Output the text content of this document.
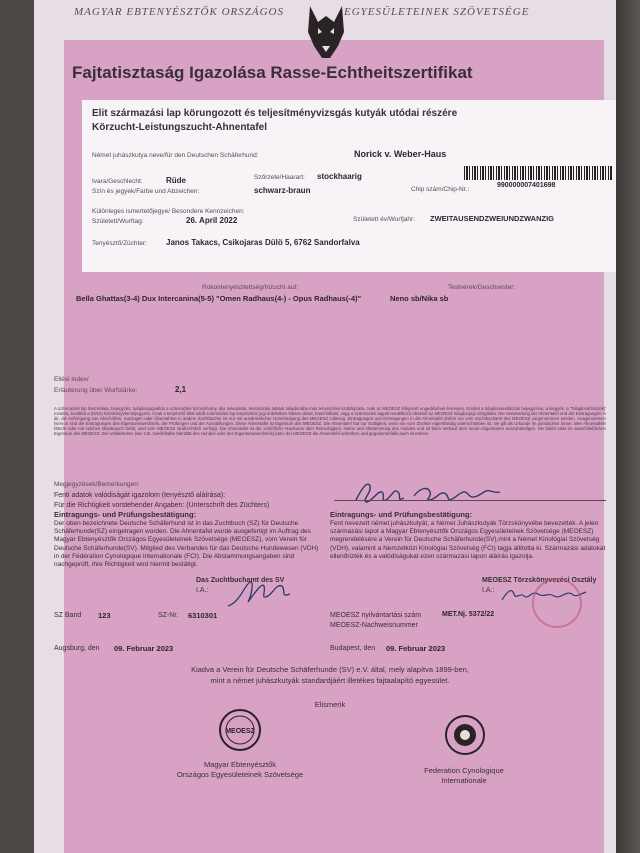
MAGYAR EBTENYÉSZTŐK ORSZÁGOS	EGYESÜLETEINEK SZÖVETSÉGE
Fajtatisztaság Igazolása Rasse-Echtheitszertifikat
Elit származási lap körungozott és teljesítményvizsgás kutyák utódai részére
Körzucht-Leistungszucht-Ahnentafel
Német juhászkutya neve/für den Deutschen Schäferhund:	Norick v. Weber-Haus
Ivara/Geschlecht:	Rüde	Szőrzete/Haarart: stockhaarig
Szín és jegyek/Farbe und Abzeichen:	schwarz-braun	Chip szám/Chip-Nr.:
990000007401698
Különleges ismertetőjegye/ Besondere Kennzeichen:
Született/Wurftag:	26. April 2022	Született év/Wurfjahr: ZWEITAUSENDZWEIUNDZWANZIG
Tenyésztő/Züchter: Janos Takacs, Csikojaras Dülö 5, 6762 Sandorfalva
Rokontenyésztettség/Inzucht auf:
Bella Ghattas(3-4) Dux Intercanina(5-5) "Omen Radhaus(4-) - Opus Radhaus(-4)"
Testvérek/Geschwister:
Neno sb/Nika sb
Ellési index/
Erläuterung über Wurfstärke:	2,1
A származási lap használata, bejegyzés, tulajdonjogváltás a származási bizonyítvány, díjs másolatok, leszárazási adatok tulajdonába más tenyésztési szabályzata, csak az MEOESZ kifejezett engedélyével érvényes. Eredeti a tulajdonosváltozás bejegyzése, a kiegyék, a 'Tulajdonátírás(ok)' rovatba, továbbá a (DNS) törzskönyvbe bejegyzés. Csak a tenyésztő által adott származási lap tenyésztési jogi érdekében hiteles okirat, használható, vagy a származási lappal rendelkező ebeknél az MEOESZ tulajdonjogi vizsgálata. Die Verwendung der Ahnentafel und der Eintragungen in dir, die Anfertigung von Abschriften, Auszügen oder Übernahme in andere Zuchtbücher ist nur mit ausdrücklicher Genehmigung des MEOESZ zulässig. Eintragungen und Eintragungen in die Ahnentafel dürfen nur vom Zuchtbuchamt des MEOESZ vorgenommen werden. Ausgenommen hiervon sind die Eintragungen des Eigentumswechsels, der Prüfungen und der Ausstellungen. Diese Ahnentafel ist Eigentum des MEOESZ. Die Ahnentafel hat nur Gültigkeit, wenn sie vom Züchter eigenhändig unterschrieben ist, sie gilt als Urkunde im juristischen Sinne. Wer Ahnentafeln fälscht oder mit solchen Missbrauch treibt, wird vom MEOESZ strafrechtlich verfolgt. Die Ahnentafel ist der schriftliche Nachweis über Reinerbigkeit, Name und Abstammung des Hundes und ist beim Verkauf dem neuen Eigentümer auszuhändigen. Sie bleibt stets im ausschließlichen Eigentum des MEOESZ. Bei Unklarheiten (wie z.B. zweifelhafte Identität des Hundes oder des Eigentumswechsels) kann der MEOESZ die Ahnentafel anfordern und gegebenenfalls auch einziehen.
Megjegyzések/Bemerkungen:
Fenti adatok valódiságát igazolom (tenyésztő aláírása):
Für die Richtigkeit vorstehender Angaben: (Unterschrift des Züchters)
Eintragungs- und Prüfungsbestätigung:
Der oben bezeichnete Deutsche Schäferhund ist in das Zuchtbuch (SZ) für Deutsche Schäferhunde(SZ) eingetragen worden. Die Ahnentafel wurde ausgefertigt im Auftrag des Magyar Ebtenyésztők Országos Egyesületeinek Szövetsége (MEOESZ), vom Verein für Deutsche Schäferhunde(SV). Mitglied des Verbandes für das Deutsche Hundewesen (VDH) in der Fédération Cynologique Internationale (FCI). Die Abstammungsangaben sind nachgeprüft, ihre Richtigkeit wird hiermit bestätigt.
Das Zuchtbuchamt des SV
I.A.:
SZ Band 123	SZ-Nr. 6310301
Augsburg, den 09. Februar 2023
Eintragungs- und Prüfungsbestätigung:
Fent nevezett német juhászkutyát, a Német Juhászkutyák Törzskönyvébe bevezették. A jelen származási lapot a Magyar Ebtenyésztők Országos Egyesületeinek Szövetsége (MEOESZ) megrendelésére a Verein für Deutsche Schäferhunde(SV),mint a Német Kinológiai Szövetség (VDH), valamint a Nemzetközi Kinológiai Szövetség (FCI) tagja állította ki. Származási adatokat ellenőrizték és a valódiságukat ezen származási lapon aláírás igazolja.
MEOESZ Törzskönyvezési Osztály
I.A.:
MEOESZ nyilvántartási szám	MET.Nj. 5372/22
MEOESZ-Nachweisnummer
Budapest, den 09. Februar 2023
Kiadva a Verein für Deutsche Schäferhunde (SV) e.V. által, mely alapítva 1899-ben,
mint a német juhászkutyák standardjáért illetékes fajtaalapító egyesület.
Elismerik
MEOESZ
Magyar Ebtenyésztők
Országos Egyesületeinek Szövetsége	Federation Cynologique
Internationale
